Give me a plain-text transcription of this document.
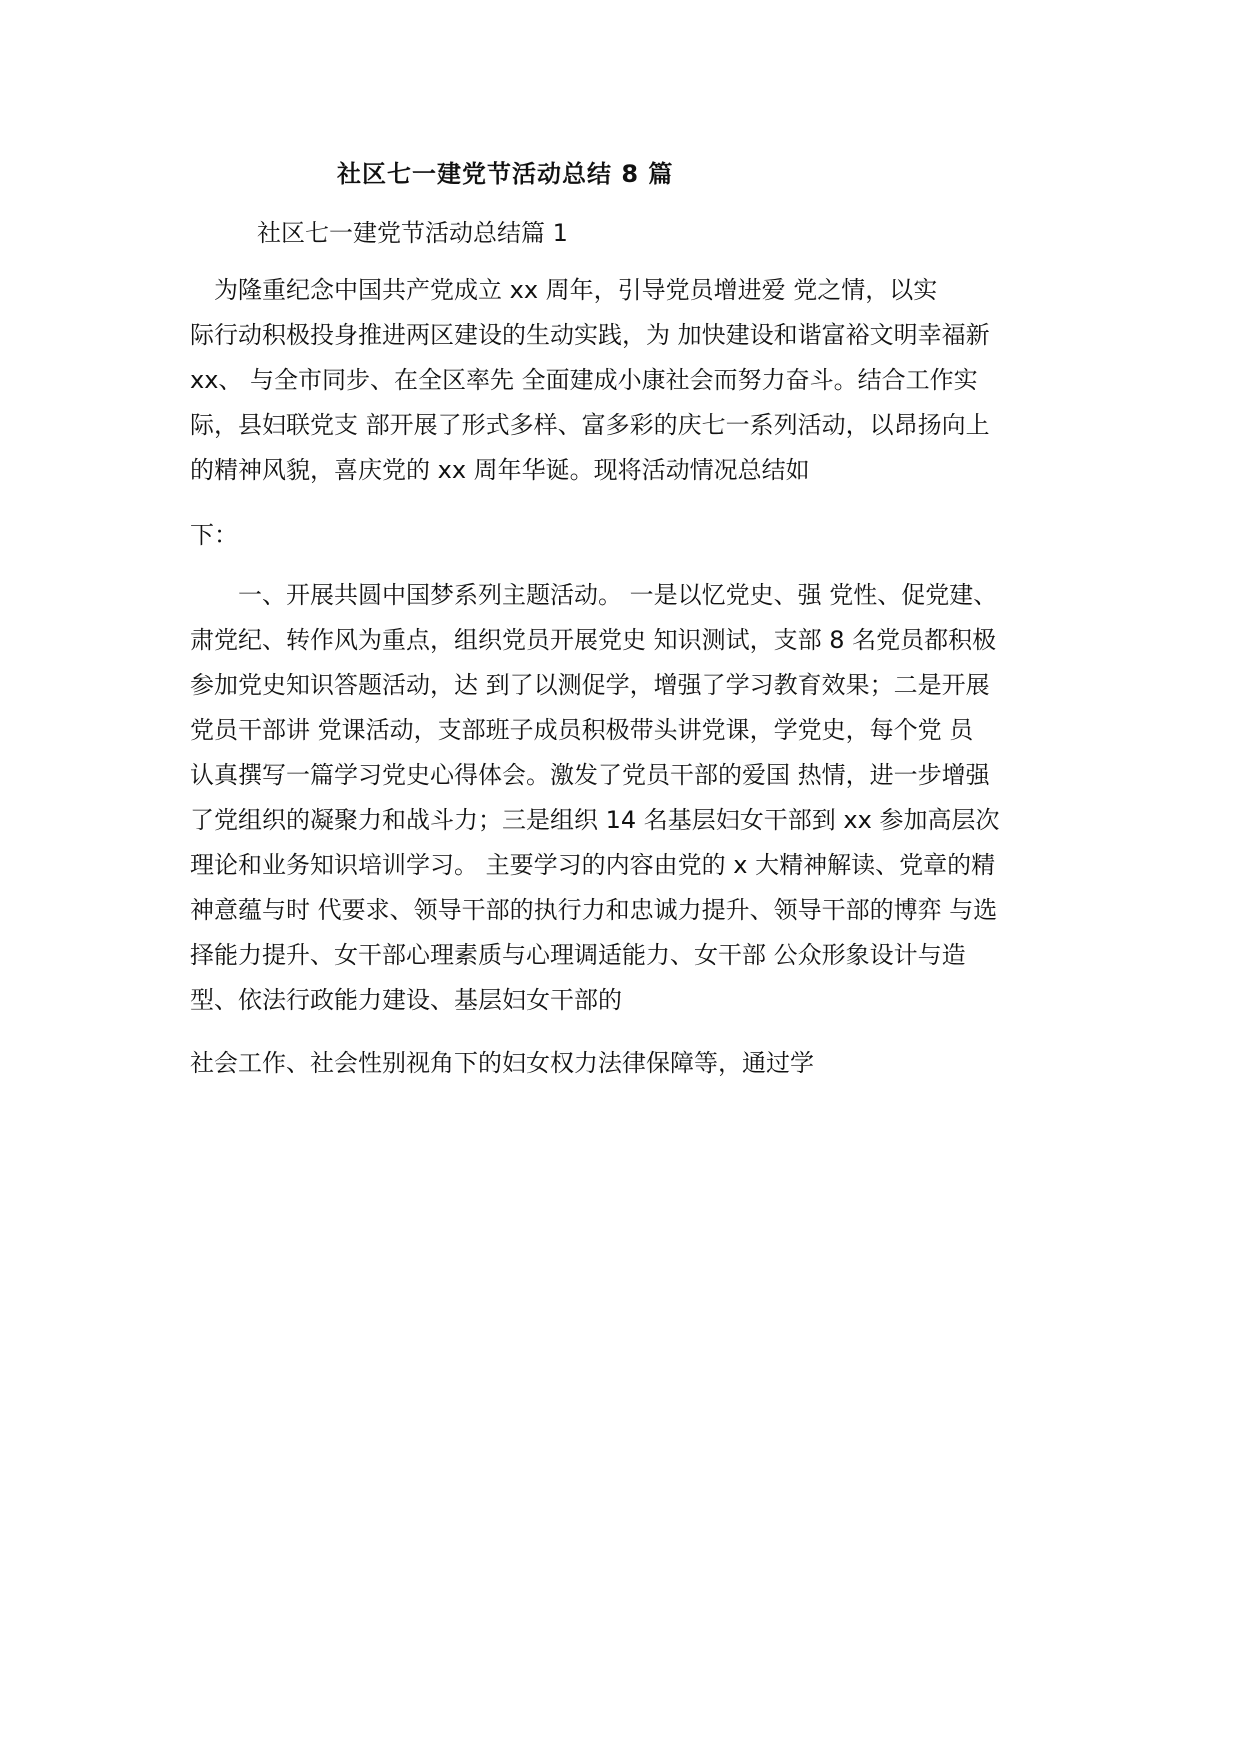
社区七一建党节活动总结 8 篇
社区七一建党节活动总结篇 1
　为隆重纪念中国共产党成立 xx 周年，引导党员增进爱 党之情，以实
际行动积极投身推进两区建设的生动实践，为 加快建设和谐富裕文明幸福新
xx、 与全市同步、在全区率先 全面建成小康社会而努力奋斗。结合工作实
际，县妇联党支 部开展了形式多样、富多彩的庆七一系列活动，以昂扬向上
的精神风貌，喜庆党的 xx 周年华诞。现将活动情况总结如
下：
　　一、开展共圆中国梦系列主题活动。 一是以忆党史、强 党性、促党建、
肃党纪、转作风为重点，组织党员开展党史 知识测试，支部 8 名党员都积极
参加党史知识答题活动，达 到了以测促学，增强了学习教育效果；二是开展
党员干部讲 党课活动，支部班子成员积极带头讲党课，学党史，每个党 员
认真撰写一篇学习党史心得体会。激发了党员干部的爱国 热情，进一步增强
了党组织的凝聚力和战斗力；三是组织 14 名基层妇女干部到 xx 参加高层次
理论和业务知识培训学习。 主要学习的内容由党的 x 大精神解读、党章的精
神意蕴与时 代要求、领导干部的执行力和忠诚力提升、领导干部的博弈 与选
择能力提升、女干部心理素质与心理调适能力、女干部 公众形象设计与造
型、依法行政能力建设、基层妇女干部的
社会工作、社会性别视角下的妇女权力法律保障等，通过学
